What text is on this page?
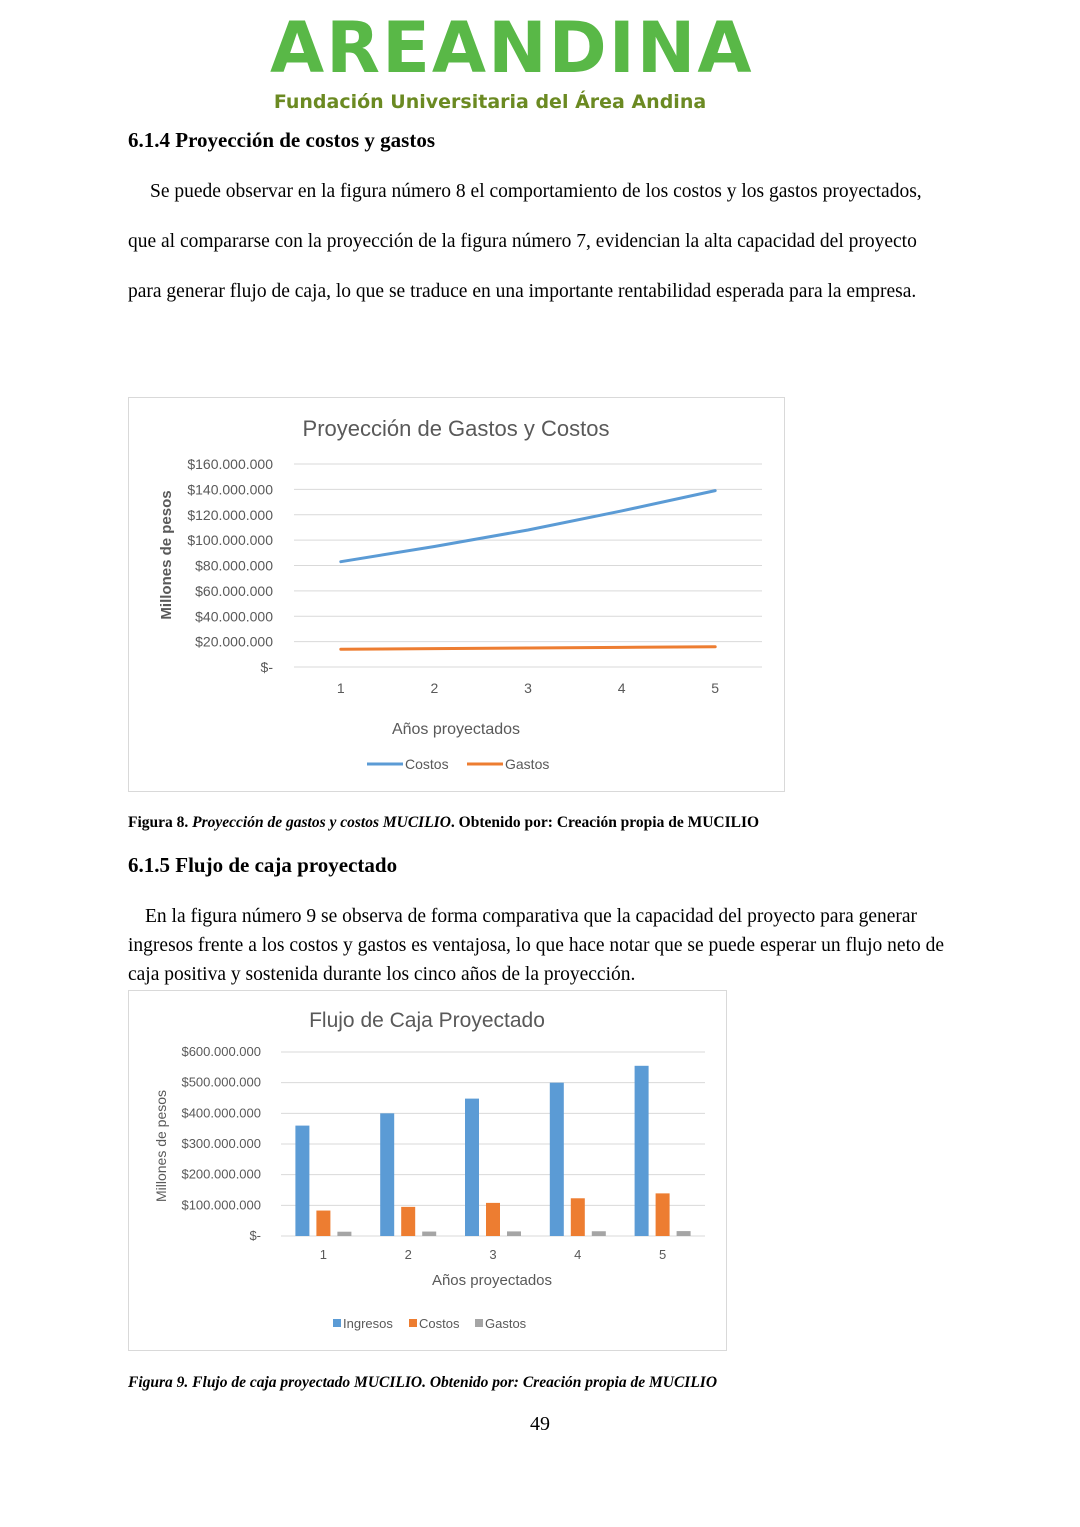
AREANDINA
Fundación Universitaria del Área Andina
6.1.4 Proyección de costos y gastos
Se puede observar en la figura número 8 el comportamiento de los costos y los gastos proyectados, que al compararse con la proyección de la figura número 7, evidencian la alta capacidad del proyecto para generar flujo de caja, lo que se traduce en una importante rentabilidad esperada para la empresa.
Proyección de Gastos y Costos
$-
$20.000.000
$40.000.000
$60.000.000
$80.000.000
$100.000.000
$120.000.000
$140.000.000
$160.000.000
1	2	3	4	5
Años proyectados
Millones de pesos
Costos	Gastos
Figura 8. Proyección de gastos y costos MUCILIO. Obtenido por: Creación propia de MUCILIO
6.1.5 Flujo de caja proyectado
En la figura número 9 se observa de forma comparativa que la capacidad del proyecto para generar ingresos frente a los costos y gastos es ventajosa, lo que hace notar que se puede esperar un flujo neto de caja positiva y sostenida durante los cinco años de la proyección.
Flujo de Caja Proyectado
$-
$100.000.000
$200.000.000
$300.000.000
$400.000.000
$500.000.000
$600.000.000
1	2	3	4	5
Años proyectados
Millones de pesos
Ingresos Costos Gastos
Figura 9. Flujo de caja proyectado MUCILIO. Obtenido por: Creación propia de MUCILIO
49
